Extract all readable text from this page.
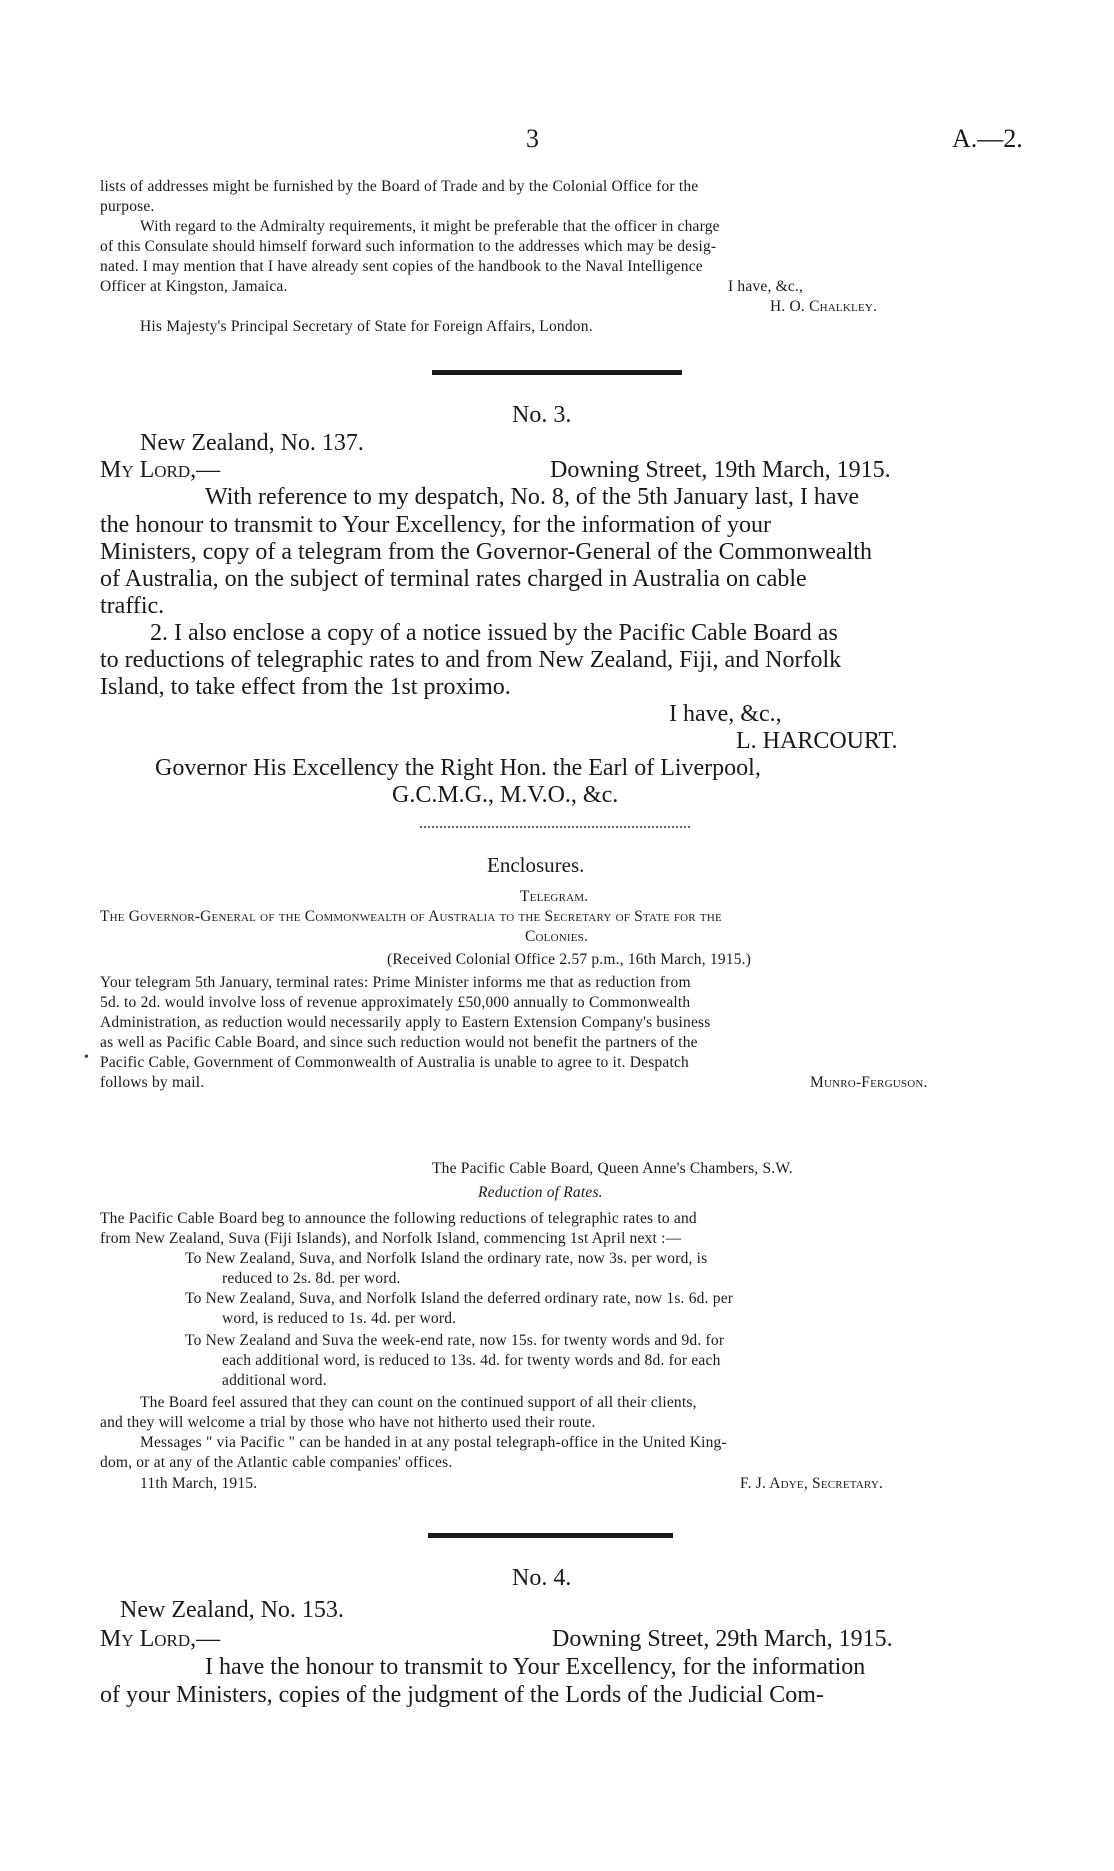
3	A.—2.
lists of addresses might be furnished by the Board of Trade and by the Colonial Office for the
purpose.
With regard to the Admiralty requirements, it might be preferable that the officer in charge
of this Consulate should himself forward such information to the addresses which may be desig-
nated. I may mention that I have already sent copies of the handbook to the Naval Intelligence
Officer at Kingston, Jamaica.	I have, &c.,
H. O. Chalkley.
His Majesty's Principal Secretary of State for Foreign Affairs, London.
No. 3.
New Zealand, No. 137.
My Lord,—	Downing Street, 19th March, 1915.
With reference to my despatch, No. 8, of the 5th January last, I have
the honour to transmit to Your Excellency, for the information of your
Ministers, copy of a telegram from the Governor-General of the Commonwealth
of Australia, on the subject of terminal rates charged in Australia on cable
traffic.
2. I also enclose a copy of a notice issued by the Pacific Cable Board as
to reductions of telegraphic rates to and from New Zealand, Fiji, and Norfolk
Island, to take effect from the 1st proximo.
I have, &c.,
L. HARCOURT.
Governor His Excellency the Right Hon. the Earl of Liverpool,
G.C.M.G., M.V.O., &c.
Enclosures.
Telegram.
The Governor-General of the Commonwealth of Australia to the Secretary of State for the
Colonies.
(Received Colonial Office 2.57 p.m., 16th March, 1915.)
Your telegram 5th January, terminal rates: Prime Minister informs me that as reduction from
5d. to 2d. would involve loss of revenue approximately £50,000 annually to Commonwealth
Administration, as reduction would necessarily apply to Eastern Extension Company's business
as well as Pacific Cable Board, and since such reduction would not benefit the partners of the
Pacific Cable, Government of Commonwealth of Australia is unable to agree to it. Despatch
follows by mail.	Munro-Ferguson.
•
The Pacific Cable Board, Queen Anne's Chambers, S.W.
Reduction of Rates.
The Pacific Cable Board beg to announce the following reductions of telegraphic rates to and
from New Zealand, Suva (Fiji Islands), and Norfolk Island, commencing 1st April next :—
To New Zealand, Suva, and Norfolk Island the ordinary rate, now 3s. per word, is
reduced to 2s. 8d. per word.
To New Zealand, Suva, and Norfolk Island the deferred ordinary rate, now 1s. 6d. per
word, is reduced to 1s. 4d. per word.
To New Zealand and Suva the week-end rate, now 15s. for twenty words and 9d. for
each additional word, is reduced to 13s. 4d. for twenty words and 8d. for each
additional word.
The Board feel assured that they can count on the continued support of all their clients,
and they will welcome a trial by those who have not hitherto used their route.
Messages " via Pacific " can be handed in at any postal telegraph-office in the United King-
dom, or at any of the Atlantic cable companies' offices.
11th March, 1915.	F. J. Adye, Secretary.
No. 4.
New Zealand, No. 153.
My Lord,—	Downing Street, 29th March, 1915.
I have the honour to transmit to Your Excellency, for the information
of your Ministers, copies of the judgment of the Lords of the Judicial Com-
